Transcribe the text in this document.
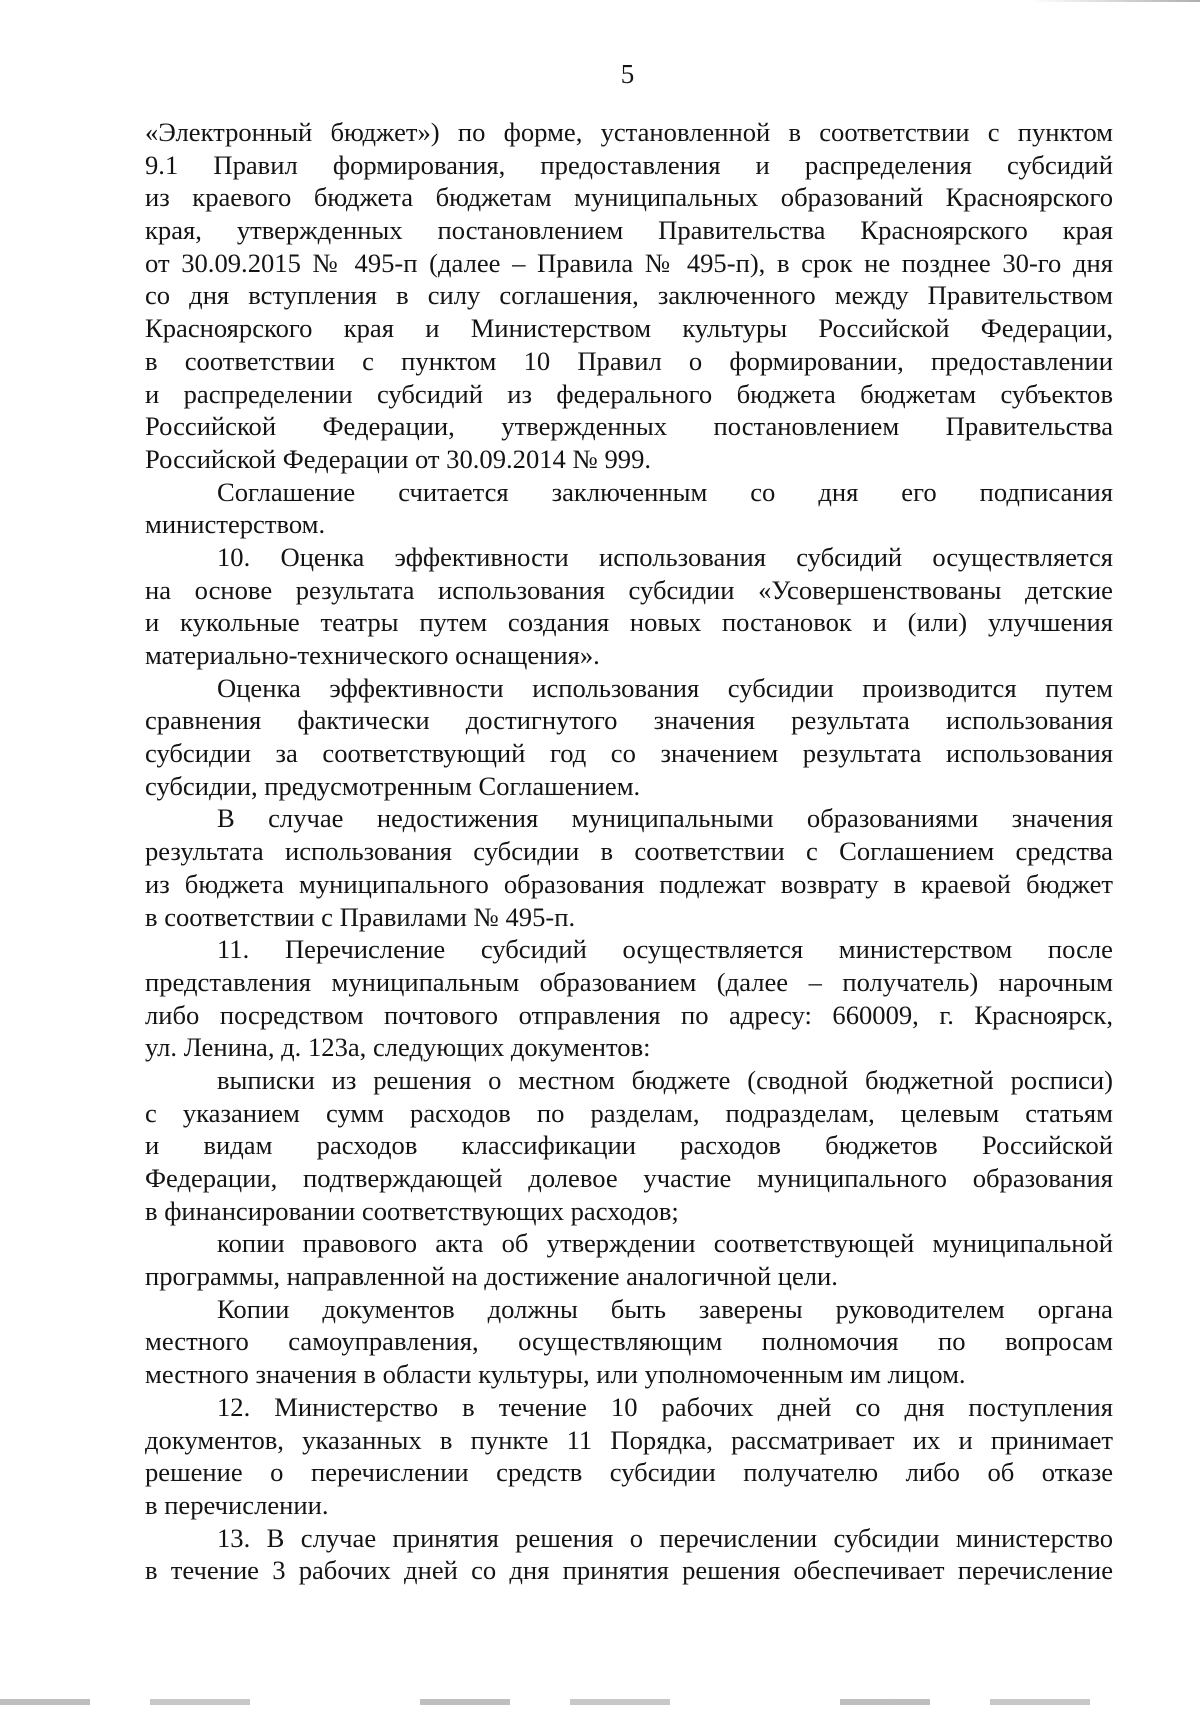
5
«Электронный бюджет») по форме, установленной в соответствии с пунктом
9.1 Правил формирования, предоставления и распределения субсидий
из краевого бюджета бюджетам муниципальных образований Красноярского
края, утвержденных постановлением Правительства Красноярского края
от 30.09.2015 № 495-п (далее – Правила № 495-п), в срок не позднее 30-го дня
со дня вступления в силу соглашения, заключенного между Правительством
Красноярского края и Министерством культуры Российской Федерации,
в соответствии с пунктом 10 Правил о формировании, предоставлении
и распределении субсидий из федерального бюджета бюджетам субъектов
Российской Федерации, утвержденных постановлением Правительства
Российской Федерации от 30.09.2014 № 999.
Соглашение считается заключенным со дня его подписания
министерством.
10. Оценка эффективности использования субсидий осуществляется
на основе результата использования субсидии «Усовершенствованы детские
и кукольные театры путем создания новых постановок и (или) улучшения
материально-технического оснащения».
Оценка эффективности использования субсидии производится путем
сравнения фактически достигнутого значения результата использования
субсидии за соответствующий год со значением результата использования
субсидии, предусмотренным Соглашением.
В случае недостижения муниципальными образованиями значения
результата использования субсидии в соответствии с Соглашением средства
из бюджета муниципального образования подлежат возврату в краевой бюджет
в соответствии с Правилами № 495-п.
11. Перечисление субсидий осуществляется министерством после
представления муниципальным образованием (далее – получатель) нарочным
либо посредством почтового отправления по адресу: 660009, г. Красноярск,
ул. Ленина, д. 123а, следующих документов:
выписки из решения о местном бюджете (сводной бюджетной росписи)
с указанием сумм расходов по разделам, подразделам, целевым статьям
и видам расходов классификации расходов бюджетов Российской
Федерации, подтверждающей долевое участие муниципального образования
в финансировании соответствующих расходов;
копии правового акта об утверждении соответствующей муниципальной
программы, направленной на достижение аналогичной цели.
Копии документов должны быть заверены руководителем органа
местного самоуправления, осуществляющим полномочия по вопросам
местного значения в области культуры, или уполномоченным им лицом.
12. Министерство в течение 10 рабочих дней со дня поступления
документов, указанных в пункте 11 Порядка, рассматривает их и принимает
решение о перечислении средств субсидии получателю либо об отказе
в перечислении.
13. В случае принятия решения о перечислении субсидии министерство
в течение 3 рабочих дней со дня принятия решения обеспечивает перечисление
